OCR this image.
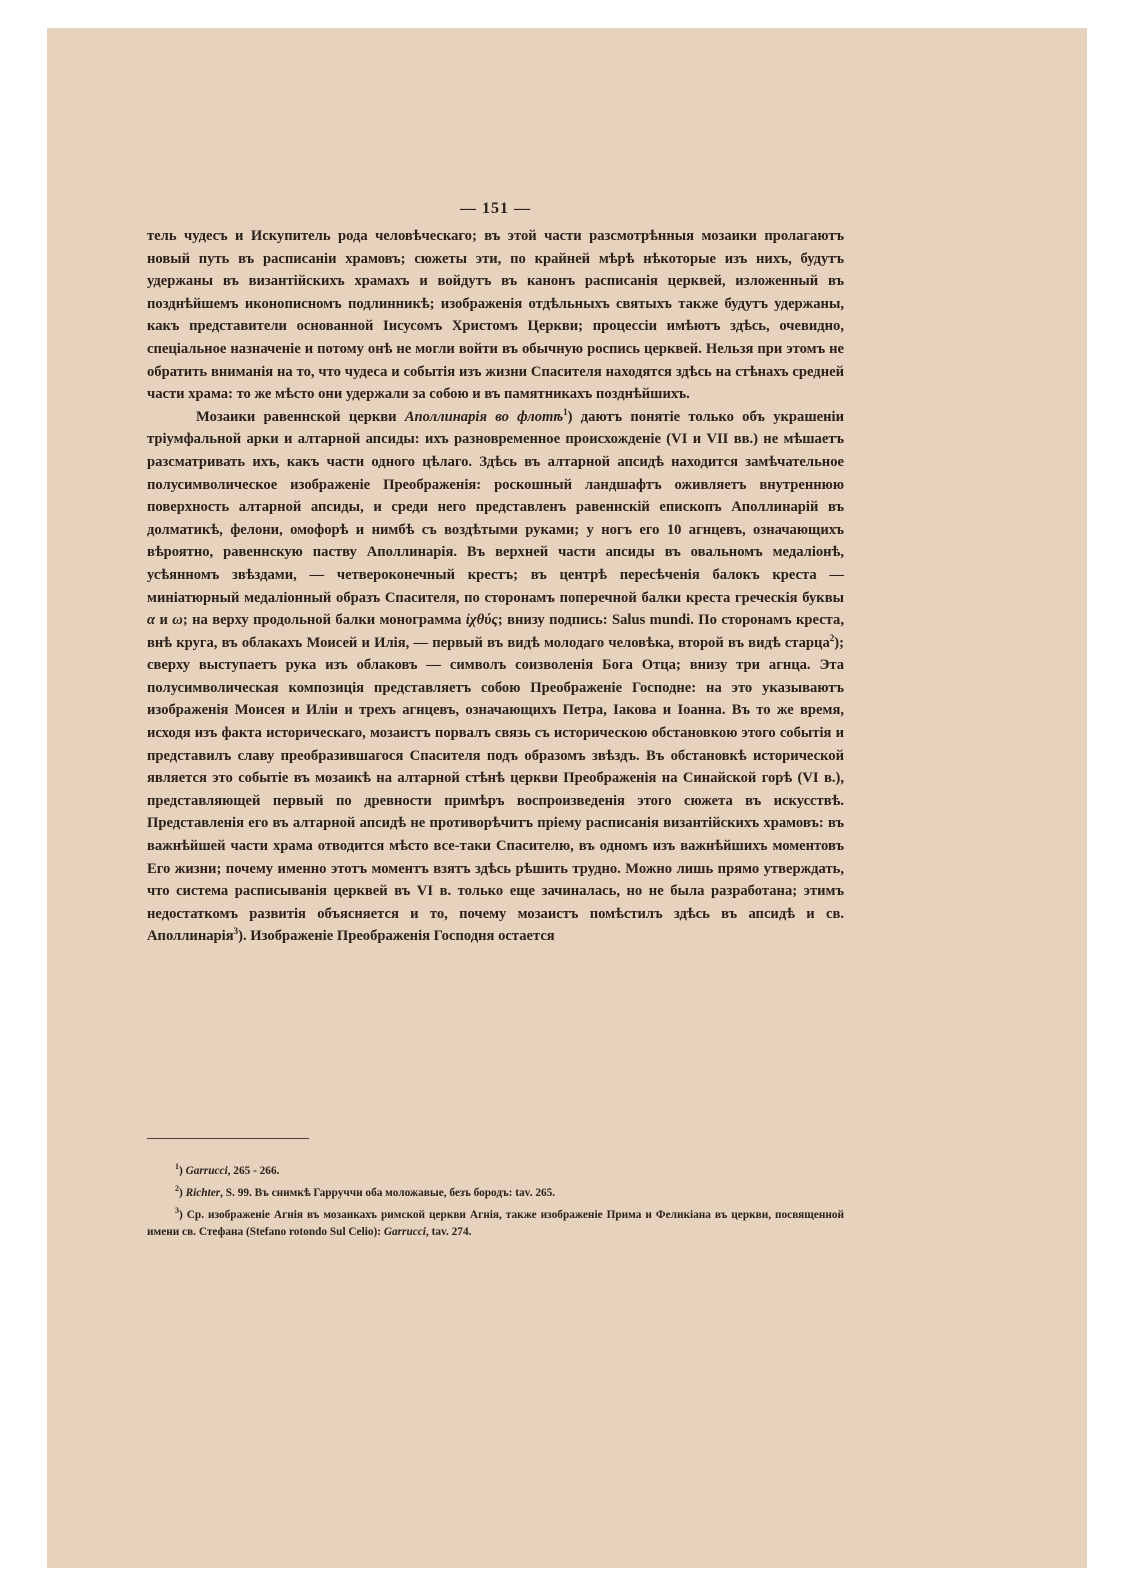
— 151 —

тель чудесъ и Искупитель рода человѣческаго; въ этой части разсмотрѣнныя мозаики пролагаютъ новый путь въ расписаніи храмовъ; сюжеты эти, по крайней мѣрѣ нѣкоторые изъ нихъ, будутъ удержаны въ византійскихъ храмахъ и войдутъ въ канонъ расписанія церквей, изложенный въ позднѣйшемъ иконописномъ подлинникѣ; изображенія отдѣльныхъ святыхъ также будутъ удержаны, какъ представители основанной Іисусомъ Христомъ Церкви; процессіи имѣютъ здѣсь, очевидно, спеціальное назначеніе и потому онѣ не могли войти въ обычную роспись церквей. Нельзя при этомъ не обратить вниманія на то, что чудеса и событія изъ жизни Спасителя находятся здѣсь на стѣнахъ средней части храма: то же мѣсто они удержали за собою и въ памятникахъ позднѣйшихъ.

Мозаики равеннской церкви Аполлинарія во флотѣ$^1$) даютъ понятіе только объ украшеніи тріумфальной арки и алтарной апсиды: ихъ разновременное происхожденіе (VI и VII вв.) не мѣшаетъ разсматривать ихъ, какъ части одного цѣлаго. Здѣсь въ алтарной апсидѣ находится замѣчательное полусимволическое изображеніе Преображенія: роскошный ландшафтъ оживляетъ внутреннюю поверхность алтарной апсиды, и среди него представленъ равеннскій епископъ Аполлинарій въ долматикѣ, фелони, омофорѣ и нимбѣ съ воздѣтыми руками; у ногъ его 10 агнцевъ, означающихъ вѣроятно, равеннскую паству Аполлинарія. Въ верхней части апсиды въ овальномъ медаліонѣ, усѣянномъ звѣздами, — четвероконечный крестъ; въ центрѣ пересѣченія балокъ креста — миніатюрный медаліонный образъ Спасителя, по сторонамъ поперечной балки креста греческія буквы α и ω; на верху продольной балки монограмма ἰχθύς; внизу подпись: Salus mundi. По сторонамъ креста, внѣ круга, въ облакахъ Моисей и Илія, — первый въ видѣ молодаго человѣка, второй въ видѣ старца$^2$); сверху выступаетъ рука изъ облаковъ — символъ соизволенія Бога Отца; внизу три агнца. Эта полусимволическая композиція представляетъ собою Преображеніе Господне: на это указываютъ изображенія Моисея и Иліи и трехъ агнцевъ, означающихъ Петра, Іакова и Іоанна. Въ то же время, исходя изъ факта историческаго, мозаистъ порвалъ связь съ историческою обстановкою этого событія и представилъ славу преобразившагося Спасителя подъ образомъ звѣздъ. Въ обстановкѣ исторической является это событіе въ мозаикѣ на алтарной стѣнѣ церкви Преображенія на Синайской горѣ (VI в.), представляющей первый по древности примѣръ воспроизведенія этого сюжета въ искусствѣ. Представленія его въ алтарной апсидѣ не противорѣчитъ пріему расписанія византійскихъ храмовъ: въ важнѣйшей части храма отводится мѣсто все-таки Спасителю, въ одномъ изъ важнѣйшихъ моментовъ Его жизни; почему именно этотъ моментъ взятъ здѣсь рѣшить трудно. Можно лишь прямо утверждать, что система расписыванія церквей въ VI в. только еще зачиналась, но не была разработана; этимъ недостаткомъ развитія объясняется и то, почему мозаистъ помѣстилъ здѣсь въ апсидѣ и св. Аполлинарія$^3$). Изображеніе Преображенія Господня остается

$^1$) Garrucci, 265 - 266.

$^2$) Richter, S. 99. Въ снимкѣ Гарруччи оба моложавые, безъ бородъ: tav. 265.

$^3$) Ср. изображеніе Агнія въ мозаикахъ римской церкви Агнія, также изображеніе Прима и Феликіана въ церкви, посвященной имени св. Стефана (Stefano rotondo Sul Celio): Garrucci, tav. 274.
